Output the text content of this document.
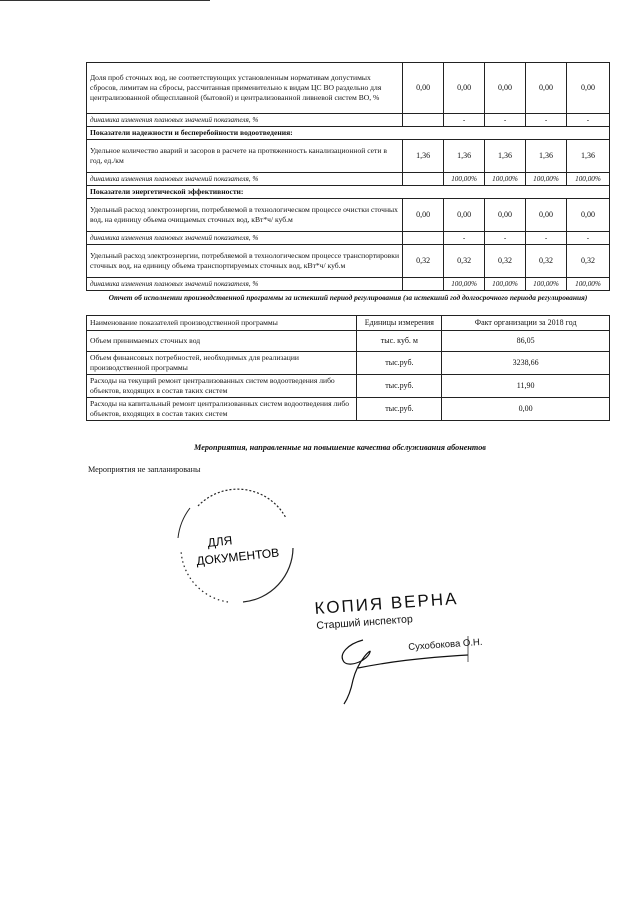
Доля проб сточных вод, не соответствующих установленным нормативам допустимых сбросов, лимитам на сбросы, рассчитанная применительно к видам ЦС ВО раздельно для централизованной общесплавной (бытовой) и централизованной ливневой систем ВО, %	0,00	0,00	0,00	0,00	0,00
динамика изменения плановых значений показателя, %		-	-	-	-
Показатели надежности и бесперебойности водоотведения:					
Удельное количество аварий и засоров в расчете на протяженность канализационной сети в год, ед./км	1,36	1,36	1,36	1,36	1,36
динамика изменения плановых значений показателя, %		100,00%	100,00%	100,00%	100,00%
Показатели энергетической эффективности:					
Удельный расход электроэнергии, потребляемой в технологическом процессе очистки сточных вод, на единицу объема очищаемых сточных вод, кВт*ч/ куб.м	0,00	0,00	0,00	0,00	0,00
динамика изменения плановых значений показателя, %		-	-	-	-
Удельный расход электроэнергии, потребляемой в технологическом процессе транспортировки сточных вод, на единицу объема транспортируемых сточных вод, кВт*ч/ куб.м	0,32	0,32	0,32	0,32	0,32
динамика изменения плановых значений показателя, %		100,00%	100,00%	100,00%	100,00%
Отчет об исполнении производственной программы за истекший период регулирования (за истекший год долгосрочного периода регулирования)
Наименование показателей производственной программы	Единицы измерения	Факт организации за 2018 год
Объем принимаемых сточных вод	тыс. куб. м	86,05
Объем финансовых потребностей, необходимых для реализации производственной программы	тыс.руб.	3238,66
Расходы на текущий ремонт централизованных систем водоотведения либо объектов, входящих в состав таких систем	тыс.руб.	11,90
Расходы на капитальный ремонт централизованных систем водоотведения либо объектов, входящих в состав таких систем	тыс.руб.	0,00
Мероприятия, направленные на повышение качества обслуживания абонентов
Мероприятия не запланированы
ДЛЯ
ДОКУМЕНТОВ
КОПИЯ ВЕРНА
Старший инспектор
Сухобокова О.Н.
